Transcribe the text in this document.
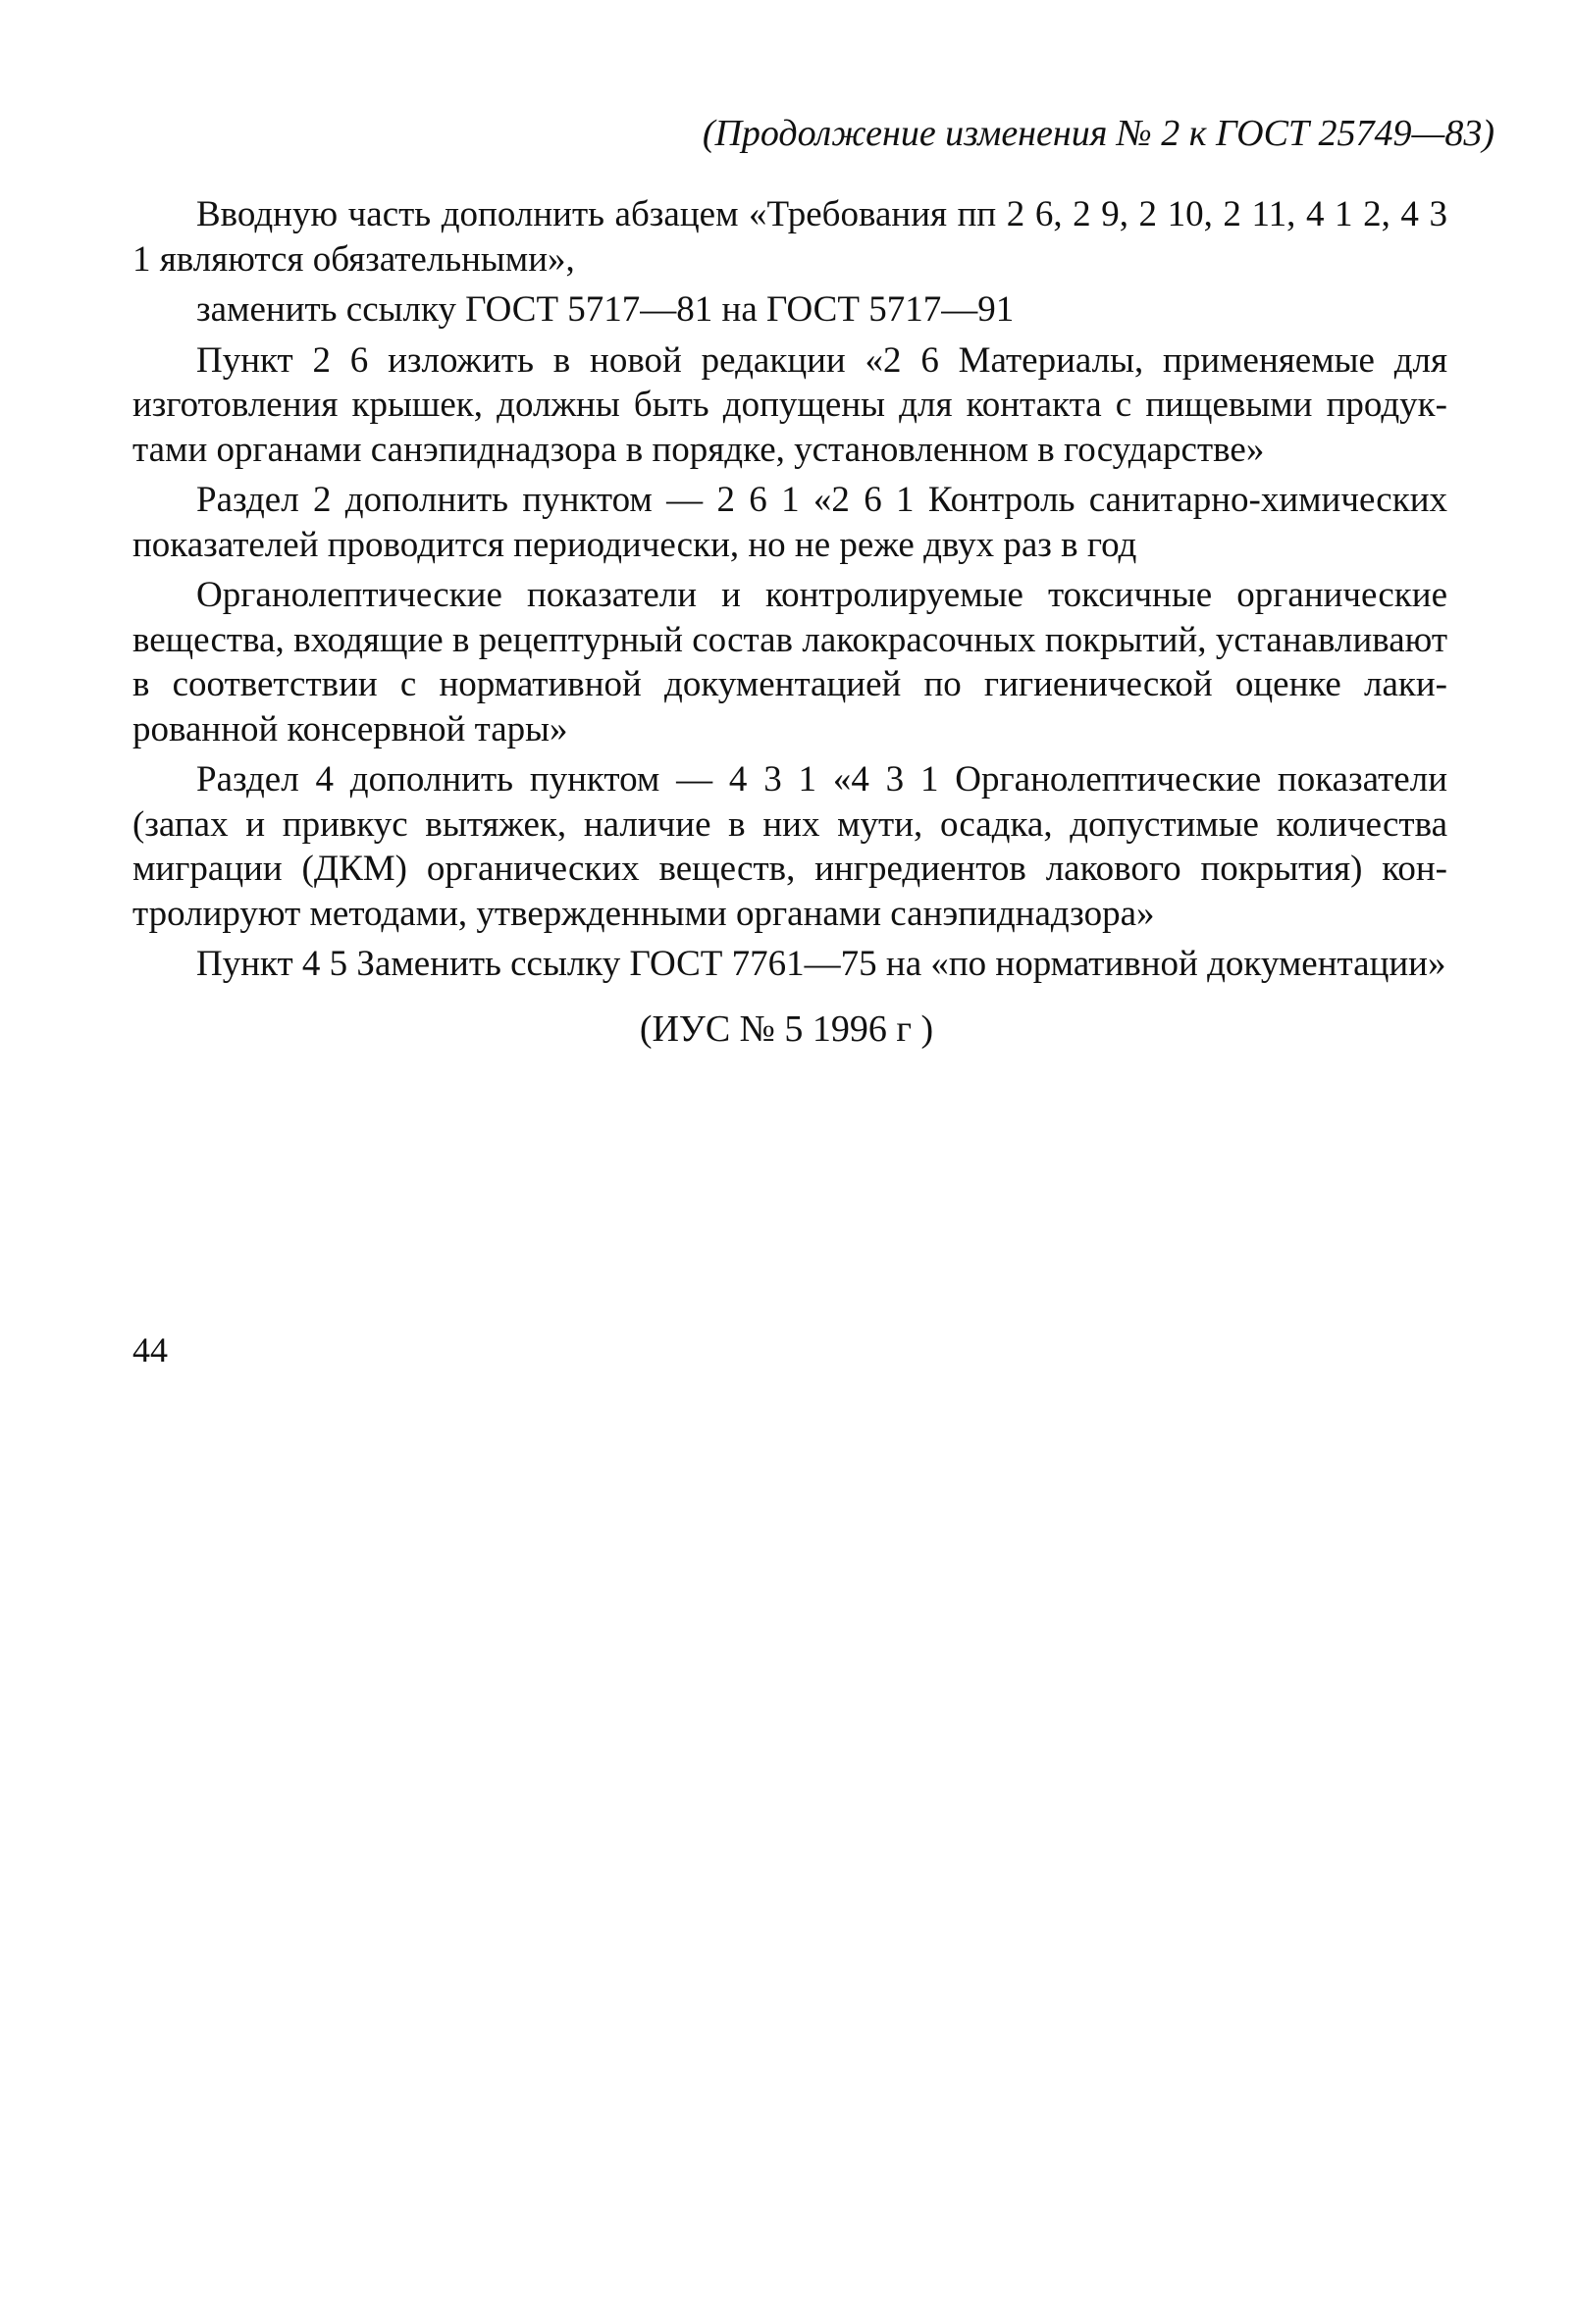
(Продолжение изменения № 2 к ГОСТ 25749—83)

Вводную часть дополнить абзацем «Требования пп 2 6, 2 9, 2 10, 2 11, 4 1 2, 4 3 1 являются обязательными»,

заменить ссылку ГОСТ 5717—81 на ГОСТ 5717—91

Пункт 2 6 изложить в новой редакции «2 6 Материалы, применяемые для изготовления крышек, должны быть допущены для контакта с пищевыми продуктами органами санэпиднадзора в порядке, установленном в государстве»

Раздел 2 дополнить пунктом — 2 6 1 «2 6 1 Контроль санитарно-химических показателей проводится периодически, но не реже двух раз в год

Органолептические показатели и контролируемые токсичные органические вещества, входящие в рецептурный состав лакокрасочных покрытий, устанавливают в соответствии с нормативной документацией по гигиенической оценке лакированной консервной тары»

Раздел 4 дополнить пунктом — 4 3 1 «4 3 1 Органолептические показатели (запах и привкус вытяжек, наличие в них мути, осадка, допустимые количества миграции (ДКМ) органических веществ, ингредиентов лакового покрытия) контролируют методами, утвержденными органами санэпиднадзора»

Пункт 4 5 Заменить ссылку ГОСТ 7761—75 на «по нормативной документации»

(ИУС № 5 1996 г )
44
